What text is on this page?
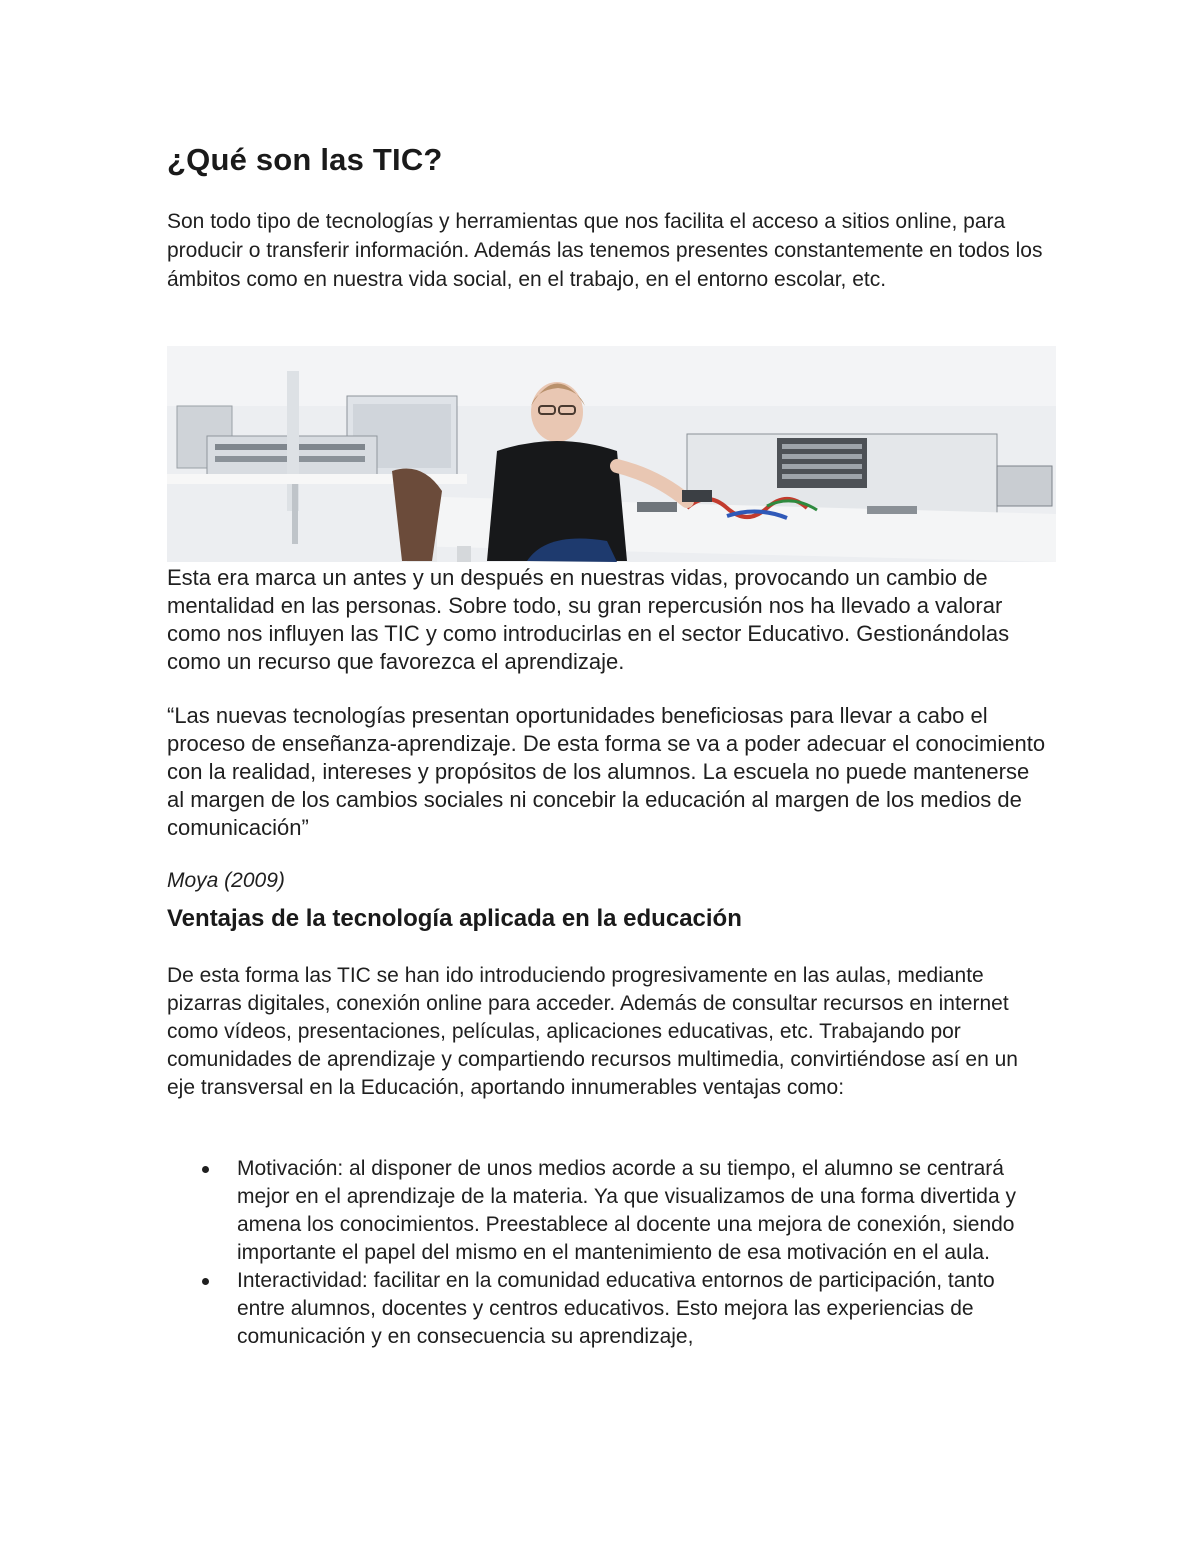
¿Qué son las TIC?

Son todo tipo de tecnologías y herramientas que nos facilita el acceso a sitios online, para producir o transferir información. Además las tenemos presentes constantemente en todos los ámbitos como en nuestra vida social, en el trabajo, en el entorno escolar, etc.

Esta era marca un antes y un después en nuestras vidas, provocando un cambio de mentalidad en las personas. Sobre todo, su gran repercusión nos ha llevado a valorar como nos influyen las TIC y como introducirlas en el sector Educativo. Gestionándolas como un recurso que favorezca el aprendizaje.

“Las nuevas tecnologías presentan oportunidades beneficiosas para llevar a cabo el proceso de enseñanza-aprendizaje. De esta forma se va a poder adecuar el conocimiento con la realidad, intereses y propósitos de los alumnos. La escuela no puede mantenerse al margen de los cambios sociales ni concebir la educación al margen de los medios de comunicación”

Moya (2009)

Ventajas de la tecnología aplicada en la educación

De esta forma las TIC se han ido introduciendo progresivamente en las aulas, mediante pizarras digitales, conexión online para acceder. Además de consultar recursos en internet como vídeos, presentaciones, películas, aplicaciones educativas, etc. Trabajando por comunidades de aprendizaje y compartiendo recursos multimedia, convirtiéndose así en un eje transversal en la Educación, aportando innumerables ventajas como:

Motivación: al disponer de unos medios acorde a su tiempo, el alumno se centrará mejor en el aprendizaje de la materia. Ya que visualizamos de una forma divertida y amena los conocimientos. Preestablece al docente una mejora de conexión, siendo importante el papel del mismo en el mantenimiento de esa motivación en el aula.
Interactividad: facilitar en la comunidad educativa entornos de participación, tanto entre alumnos, docentes y centros educativos. Esto mejora las experiencias de comunicación y en consecuencia su aprendizaje,
